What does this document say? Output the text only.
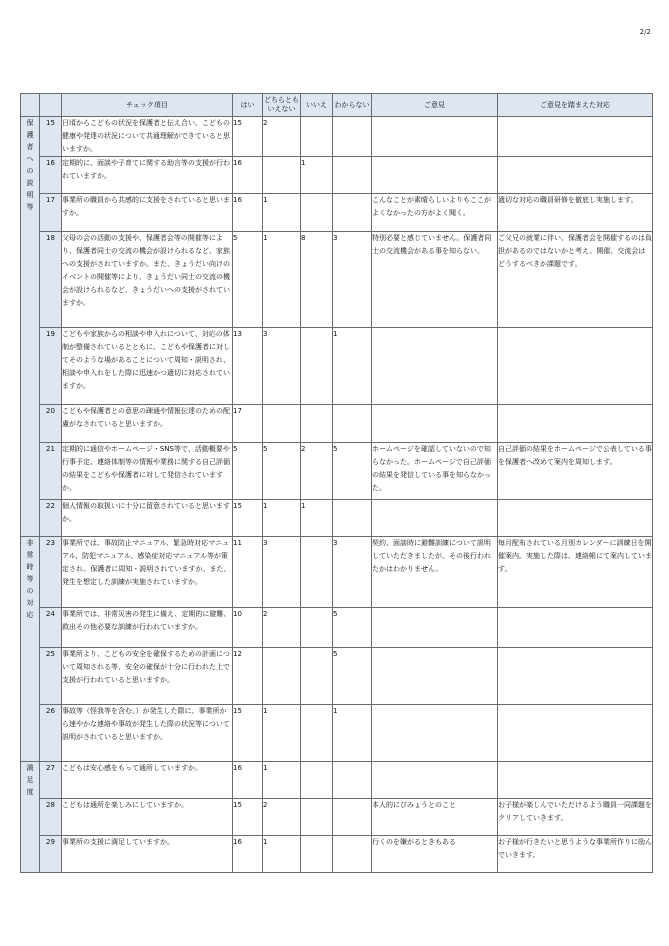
2/2
		チェック項目	はい	どちらとも
いえない	いいえ	わからない	ご意見	ご意見を踏まえた対応
保護者への説明等	15	日頃からこどもの状況を保護者と伝え合い、こどもの健康や発達の状況について共通理解ができていると思いますか。	15	2				
	16	定期的に、面談や子育てに関する助言等の支援が行われていますか。	16		1			
	17	事業所の職員から共感的に支援をされていると思いますか。	16	1			こんなことが素晴らしいよりもここがよくなかったの方がよく聞く。	適切な対応の職員研修を徹底し実施します。
	18	父母の会の活動の支援や、保護者会等の開催等により、保護者同士の交流の機会が設けられるなど、家族への支援がされていますか。また、きょうだい向けのイベントの開催等により、きょうだい同士の交流の機会が設けられるなど、きょうだいへの支援がされていますか。	5	1	8	3	特別必要と感じていません。保護者同士の交流機会がある事を知らない。	ご父兄の就業に伴い、保護者会を開催するのは負担があるのではないかと考え、開催、交流会はどうするべきか課題です。
	19	こどもや家族からの相談や申入れについて、対応の体制が整備されているとともに、こどもや保護者に対してそのような場があることについて周知・説明され、相談や申入れをした際に迅速かつ適切に対応されていますか。	13	3		1		
	20	こどもや保護者との意思の疎通や情報伝達のための配慮がなされていると思いますか。	17					
	21	定期的に通信やホームページ・SNS等で、活動概要や行事予定、連絡体制等の情報や業務に関する自己評価の結果をこどもや保護者に対して発信されていますか。	5	5	2	5	ホームページを確認していないので知らなかった。ホームページで自己評価の結果を発信している事を知らなかった。	自己評価の結果をホームページで公表している事を保護者へ改めて案内を周知します。
	22	個人情報の取扱いに十分に留意されていると思いますか。	15	1	1			
非常時等の対応	23	事業所では、事故防止マニュアル、緊急時対応マニュアル、防犯マニュアル、感染症対応マニュアル等が策定され、保護者に周知・説明されていますか。また、発生を想定した訓練が実施されていますか。	11	3		3	契約、面談時に避難訓練について説明していただきましたが、その後行われたかはわかりません。	毎月配布されている月別カレンダーに訓練日を開催案内。実施した際は、連絡帳にて案内しています。
	24	事業所では、非常災害の発生に備え、定期的に避難、救出その他必要な訓練が行われていますか。	10	2		5		
	25	事業所より、こどもの安全を確保するための計画について周知される等、安全の確保が十分に行われた上で支援が行われていると思いますか。	12			5		
	26	事故等（怪我等を含む。）が発生した際に、事業所から速やかな連絡や事故が発生した際の状況等について説明がされていると思いますか。	15	1		1		
満足度	27	こどもは安心感をもって通所していますか。	16	1				
	28	こどもは通所を楽しみにしていますか。	15	2			本人的にぴみょうとのこと	お子様が楽しんでいただけるよう職員一同課題をクリアしていきます。
	29	事業所の支援に満足していますか。	16	1			行くのを嫌がるときもある	お子様が行きたいと思うような事業所作りに励んでいきます。
